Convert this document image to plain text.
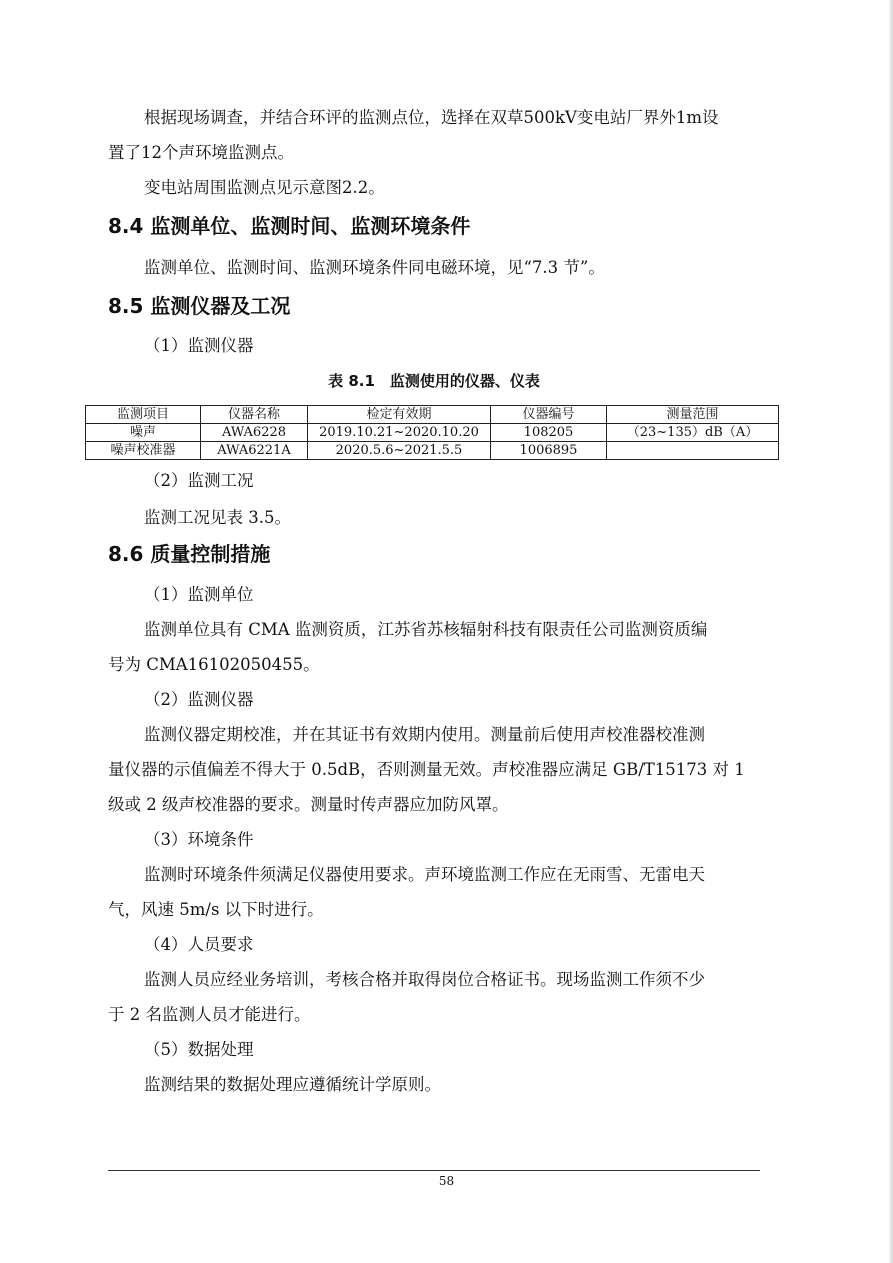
根据现场调查，并结合环评的监测点位，选择在双草500kV变电站厂界外1m设
置了12个声环境监测点。
变电站周围监测点见示意图2.2。
8.4 监测单位、监测时间、监测环境条件
监测单位、监测时间、监测环境条件同电磁环境，见“7.3 节”。
8.5 监测仪器及工况
（1）监测仪器
表 8.1　监测使用的仪器、仪表
监测项目	仪器名称	检定有效期	仪器编号	测量范围
噪声	AWA6228	2019.10.21~2020.10.20	108205	（23~135）dB（A）
噪声校准器	AWA6221A	2020.5.6~2021.5.5	1006895	
（2）监测工况
监测工况见表 3.5。
8.6 质量控制措施
（1）监测单位
监测单位具有 CMA 监测资质，江苏省苏核辐射科技有限责任公司监测资质编
号为 CMA16102050455。
（2）监测仪器
监测仪器定期校准，并在其证书有效期内使用。测量前后使用声校准器校准测
量仪器的示值偏差不得大于 0.5dB，否则测量无效。声校准器应满足 GB/T15173 对 1
级或 2 级声校准器的要求。测量时传声器应加防风罩。
（3）环境条件
监测时环境条件须满足仪器使用要求。声环境监测工作应在无雨雪、无雷电天
气，风速 5m/s 以下时进行。
（4）人员要求
监测人员应经业务培训，考核合格并取得岗位合格证书。现场监测工作须不少
于 2 名监测人员才能进行。
（5）数据处理
监测结果的数据处理应遵循统计学原则。
58
